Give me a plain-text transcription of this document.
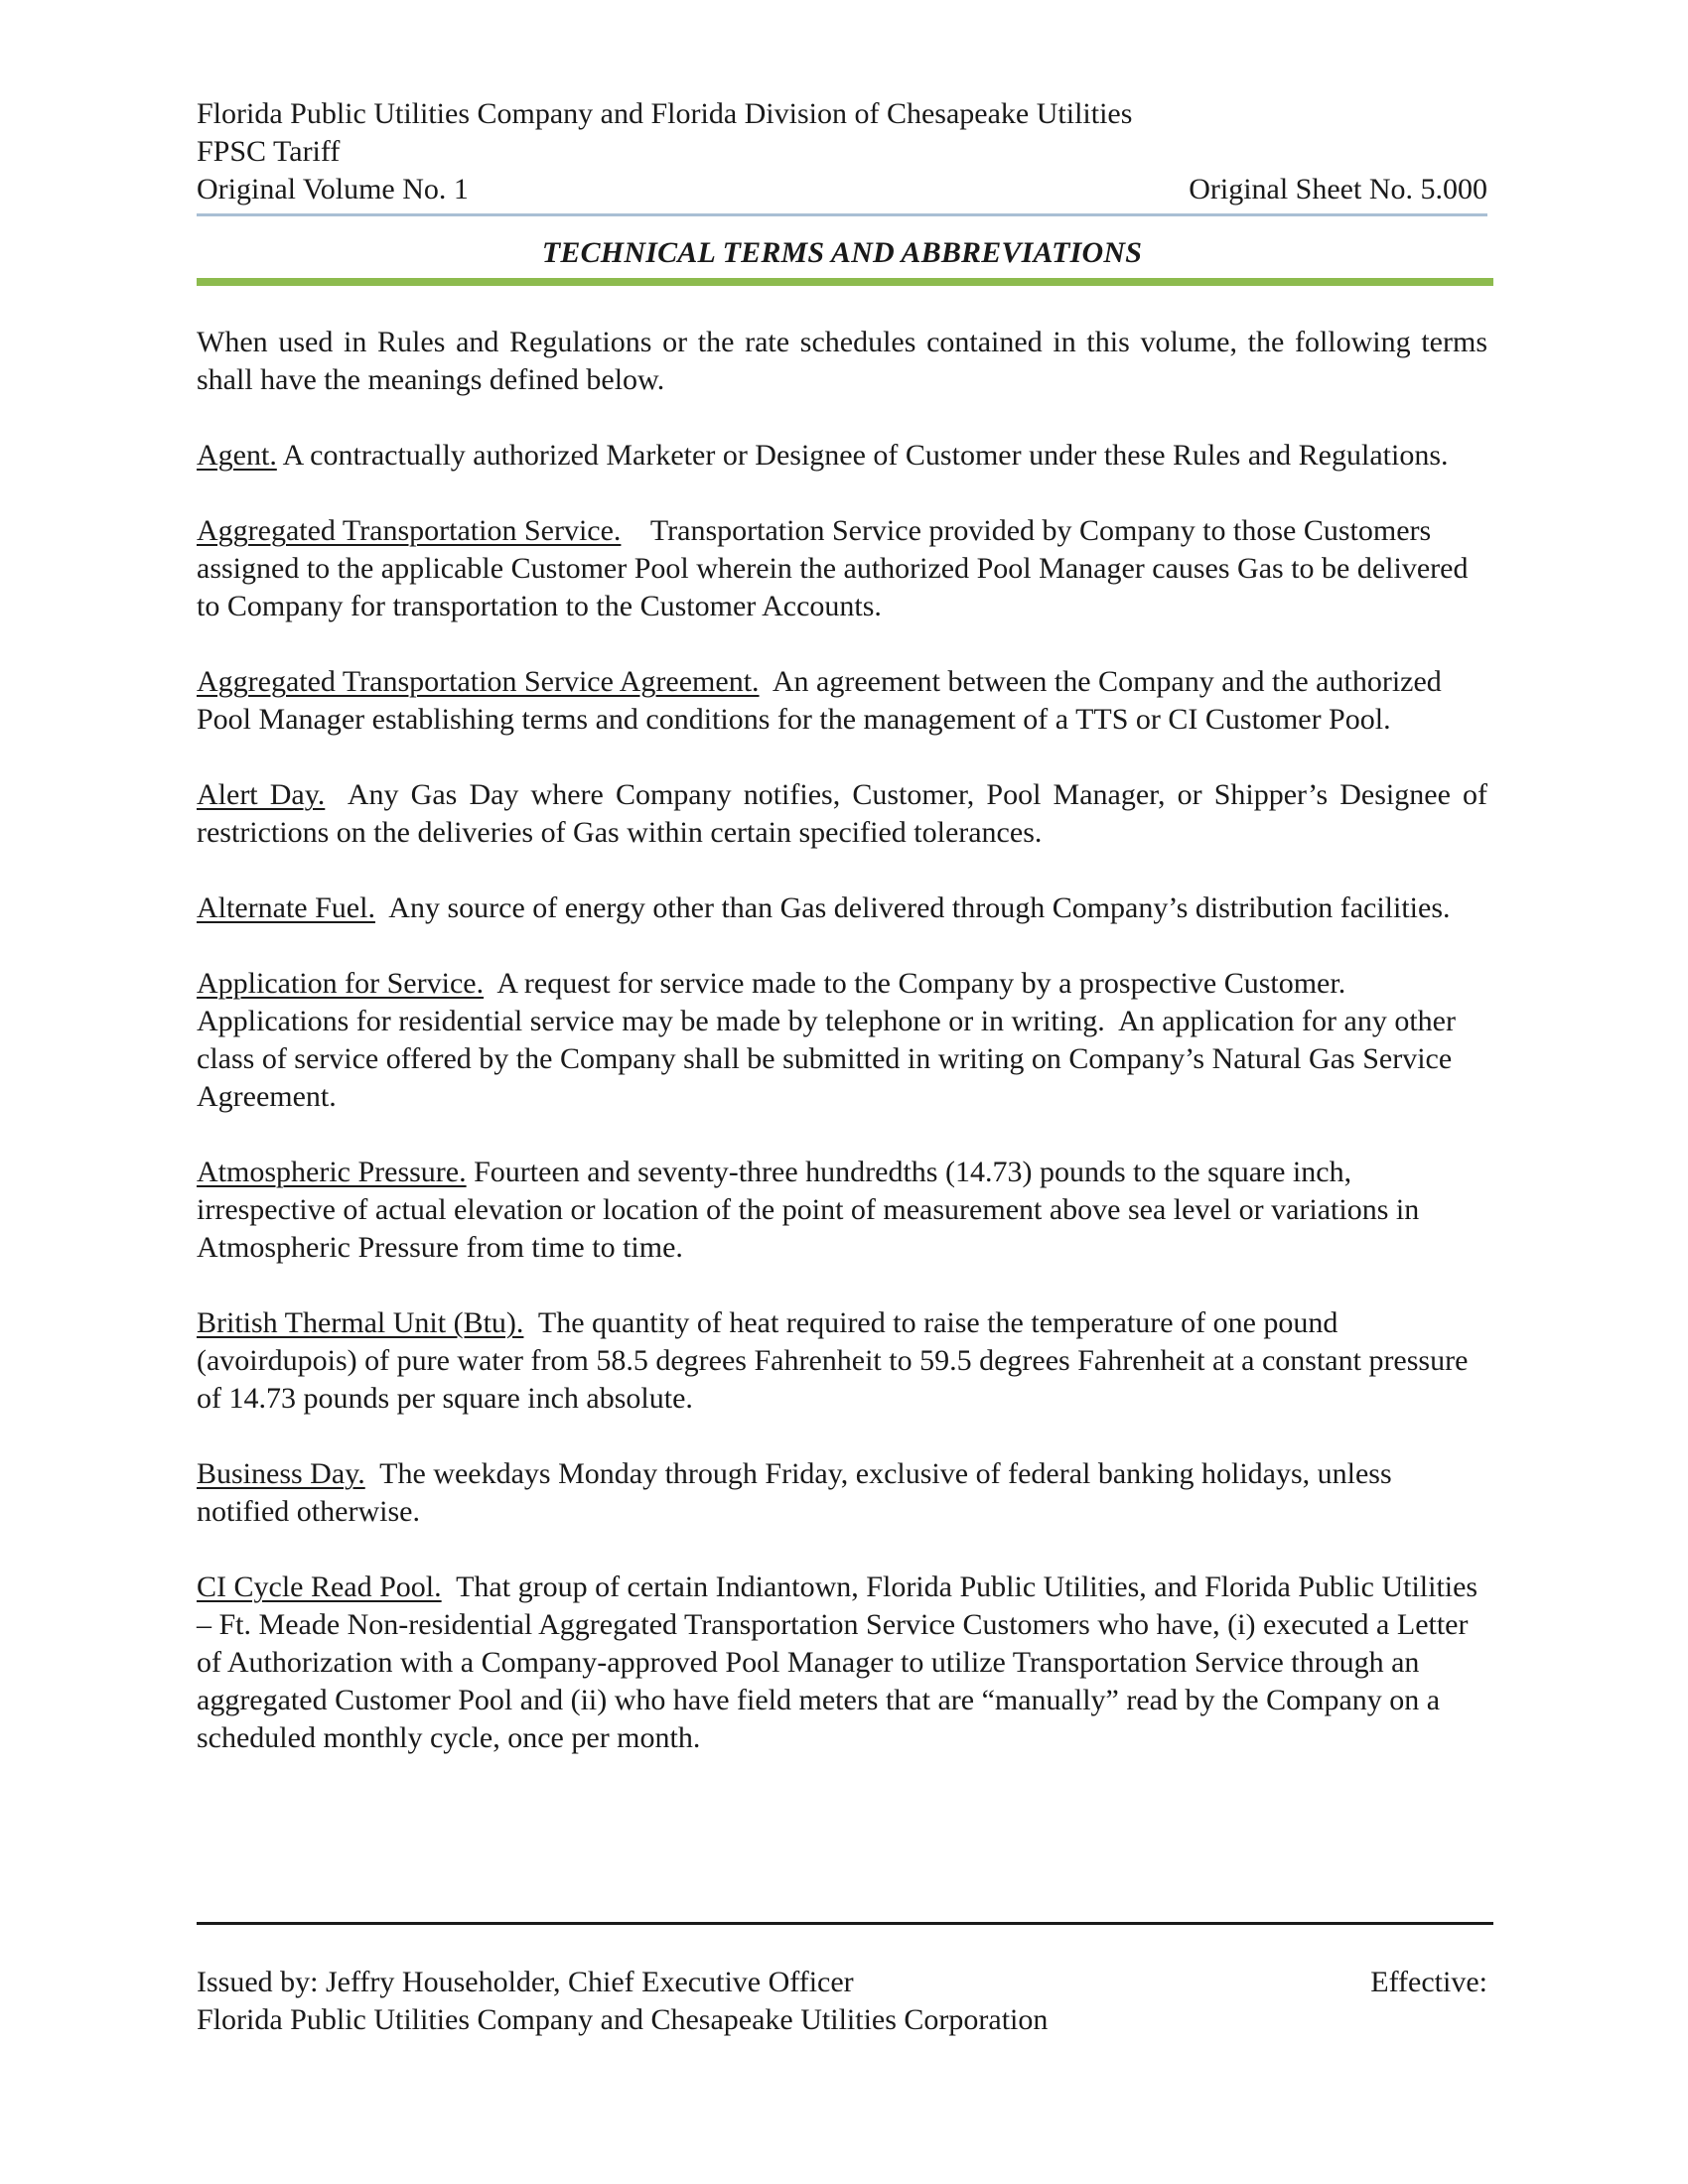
Florida Public Utilities Company and Florida Division of Chesapeake Utilities
FPSC Tariff
Original Volume No. 1	Original Sheet No. 5.000
TECHNICAL TERMS AND ABBREVIATIONS
When used in Rules and Regulations or the rate schedules contained in this volume, the following terms shall have the meanings defined below.
Agent. A contractually authorized Marketer or Designee of Customer under these Rules and Regulations.
Aggregated Transportation Service.    Transportation Service provided by Company to those Customers assigned to the applicable Customer Pool wherein the authorized Pool Manager causes Gas to be delivered to Company for transportation to the Customer Accounts.
Aggregated Transportation Service Agreement.  An agreement between the Company and the authorized Pool Manager establishing terms and conditions for the management of a TTS or CI Customer Pool.
Alert Day.  Any Gas Day where Company notifies, Customer, Pool Manager, or Shipper’s Designee of restrictions on the deliveries of Gas within certain specified tolerances.
Alternate Fuel.  Any source of energy other than Gas delivered through Company’s distribution facilities.
Application for Service.  A request for service made to the Company by a prospective Customer. Applications for residential service may be made by telephone or in writing.  An application for any other class of service offered by the Company shall be submitted in writing on Company’s Natural Gas Service Agreement.
Atmospheric Pressure. Fourteen and seventy-three hundredths (14.73) pounds to the square inch, irrespective of actual elevation or location of the point of measurement above sea level or variations in Atmospheric Pressure from time to time.
British Thermal Unit (Btu).  The quantity of heat required to raise the temperature of one pound (avoirdupois) of pure water from 58.5 degrees Fahrenheit to 59.5 degrees Fahrenheit at a constant pressure of 14.73 pounds per square inch absolute.
Business Day.  The weekdays Monday through Friday, exclusive of federal banking holidays, unless notified otherwise.
CI Cycle Read Pool.  That group of certain Indiantown, Florida Public Utilities, and Florida Public Utilities – Ft. Meade Non-residential Aggregated Transportation Service Customers who have, (i) executed a Letter of Authorization with a Company-approved Pool Manager to utilize Transportation Service through an aggregated Customer Pool and (ii) who have field meters that are “manually” read by the Company on a scheduled monthly cycle, once per month.
Issued by: Jeffry Householder, Chief Executive Officer	Effective:
Florida Public Utilities Company and Chesapeake Utilities Corporation
